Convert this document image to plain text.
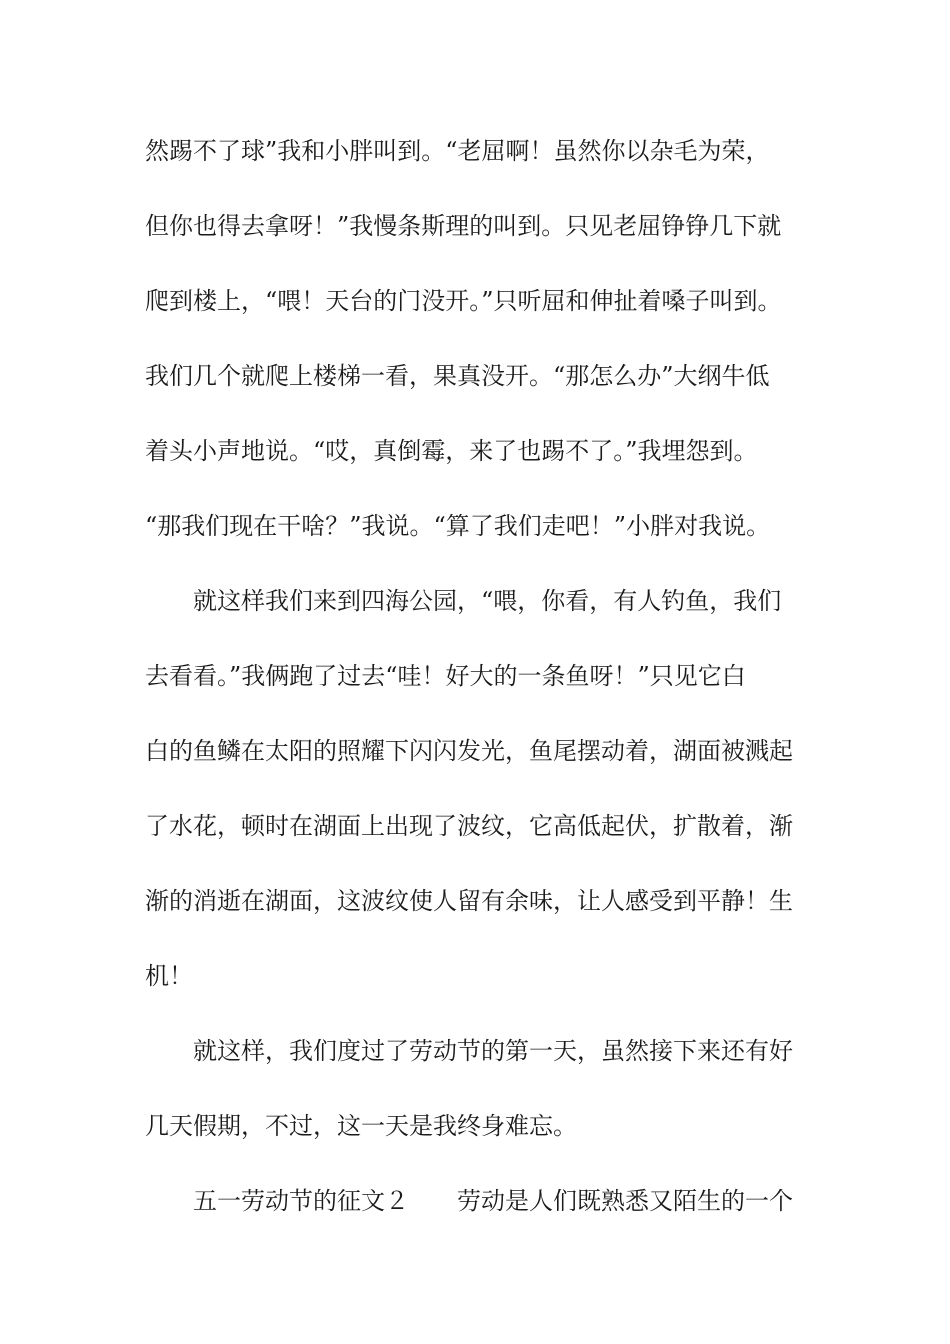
然踢不了球”我和小胖叫到。“老屈啊！虽然你以杂毛为荣，

但你也得去拿呀！”我慢条斯理的叫到。只见老屈铮铮几下就

爬到楼上，“喂！天台的门没开。”只听屈和伸扯着嗓子叫到。

我们几个就爬上楼梯一看，果真没开。“那怎么办”大纲牛低

着头小声地说。“哎，真倒霉，来了也踢不了。”我埋怨到。

“那我们现在干啥？”我说。“算了我们走吧！”小胖对我说。

就这样我们来到四海公园，“喂，你看，有人钓鱼，我们

去看看。”我俩跑了过去“哇！好大的一条鱼呀！”只见它白

白的鱼鳞在太阳的照耀下闪闪发光，鱼尾摆动着，湖面被溅起

了水花，顿时在湖面上出现了波纹，它高低起伏，扩散着，渐

渐的消逝在湖面，这波纹使人留有余味，让人感受到平静！生

机！

就这样，我们度过了劳动节的第一天，虽然接下来还有好

几天假期，不过，这一天是我终身难忘。

五一劳动节的征文２ 劳动是人们既熟悉又陌生的一个
